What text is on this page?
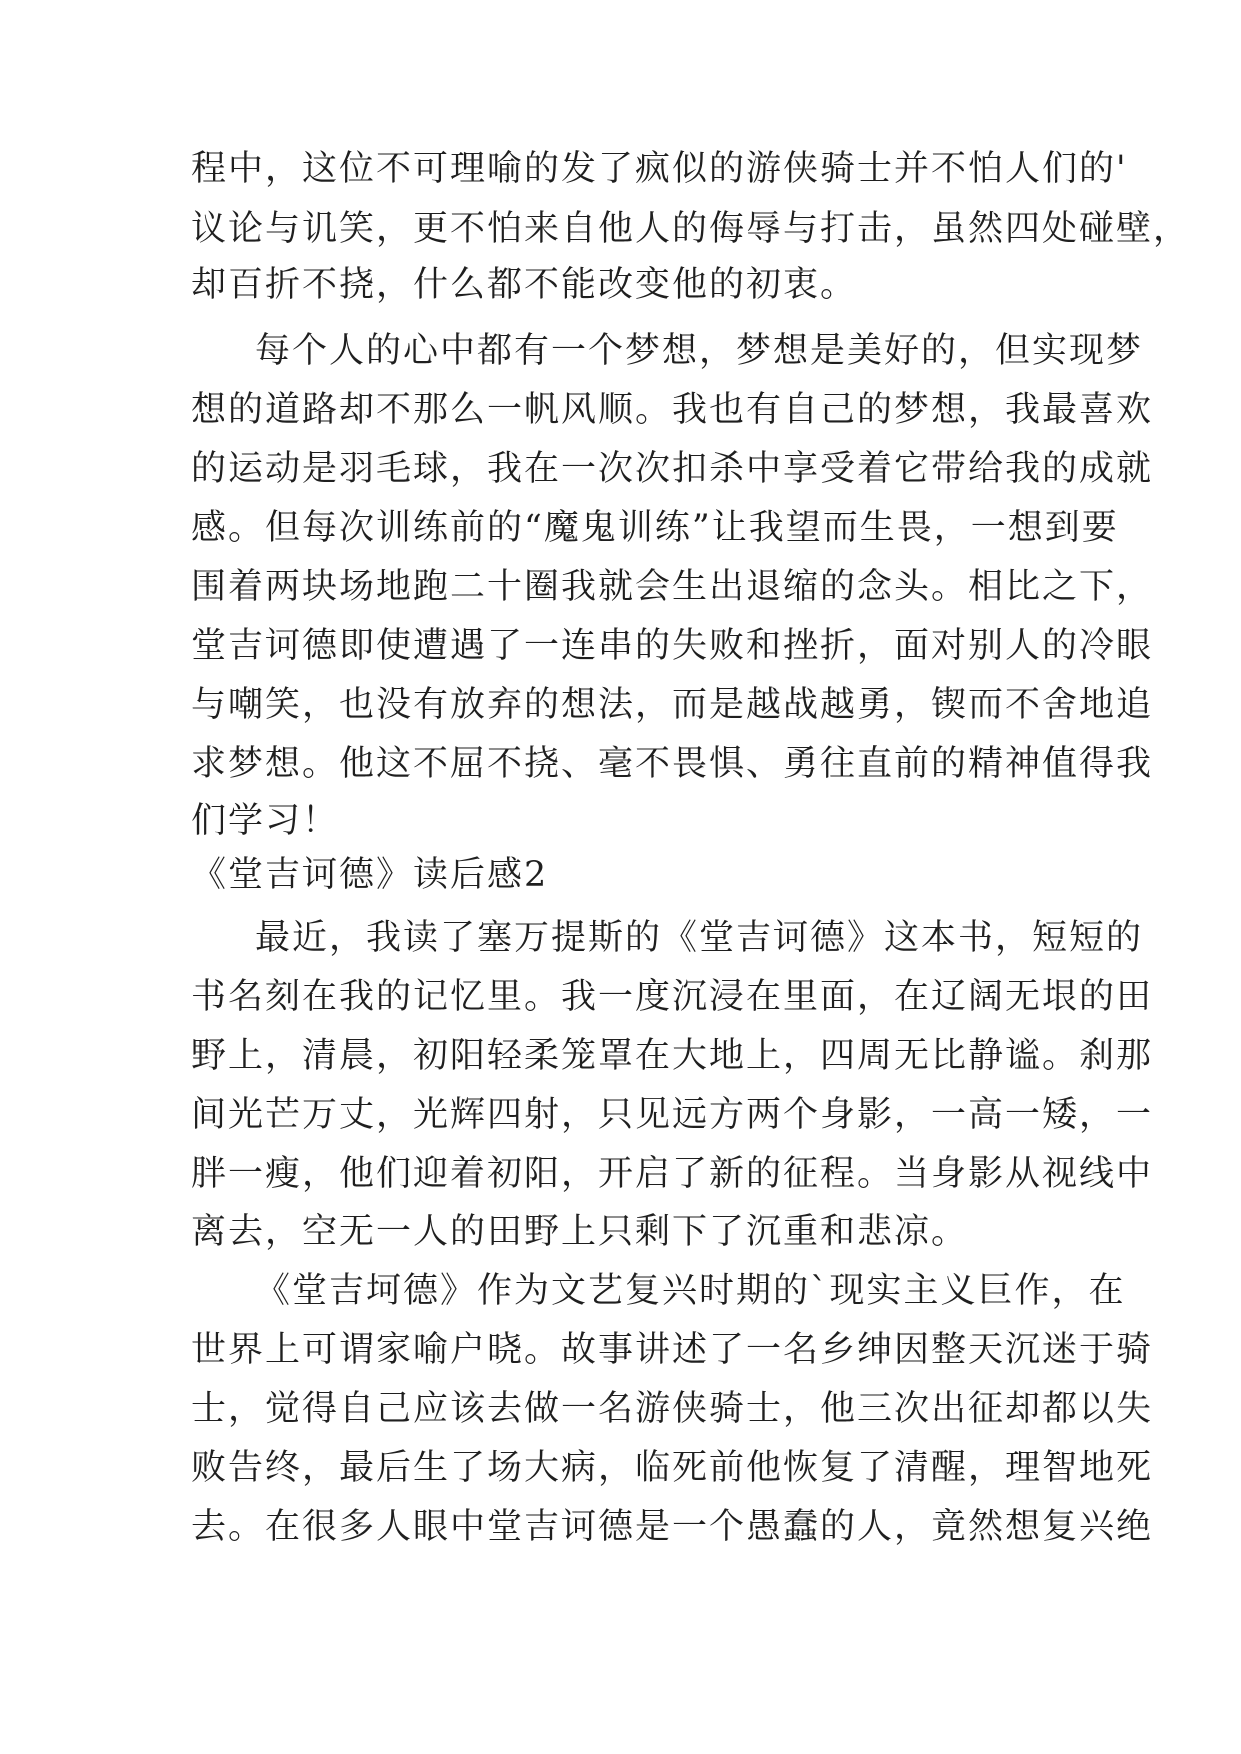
程中，这位不可理喻的发了疯似的游侠骑士并不怕人们的'
议论与讥笑，更不怕来自他人的侮辱与打击，虽然四处碰壁，
却百折不挠，什么都不能改变他的初衷。
每个人的心中都有一个梦想，梦想是美好的，但实现梦
想的道路却不那么一帆风顺。我也有自己的梦想，我最喜欢
的运动是羽毛球，我在一次次扣杀中享受着它带给我的成就
感。但每次训练前的“魔鬼训练”让我望而生畏，一想到要
围着两块场地跑二十圈我就会生出退缩的念头。相比之下，
堂吉诃德即使遭遇了一连串的失败和挫折，面对别人的冷眼
与嘲笑，也没有放弃的想法，而是越战越勇，锲而不舍地追
求梦想。他这不屈不挠、毫不畏惧、勇往直前的精神值得我
们学习！
《堂吉诃德》读后感2
最近，我读了塞万提斯的《堂吉诃德》这本书，短短的
书名刻在我的记忆里。我一度沉浸在里面，在辽阔无垠的田
野上，清晨，初阳轻柔笼罩在大地上，四周无比静谧。刹那
间光芒万丈，光辉四射，只见远方两个身影，一高一矮，一
胖一瘦，他们迎着初阳，开启了新的征程。当身影从视线中
离去，空无一人的田野上只剩下了沉重和悲凉。
《堂吉坷德》作为文艺复兴时期的`现实主义巨作，在
世界上可谓家喻户晓。故事讲述了一名乡绅因整天沉迷于骑
士，觉得自己应该去做一名游侠骑士，他三次出征却都以失
败告终，最后生了场大病，临死前他恢复了清醒，理智地死
去。在很多人眼中堂吉诃德是一个愚蠢的人，竟然想复兴绝
